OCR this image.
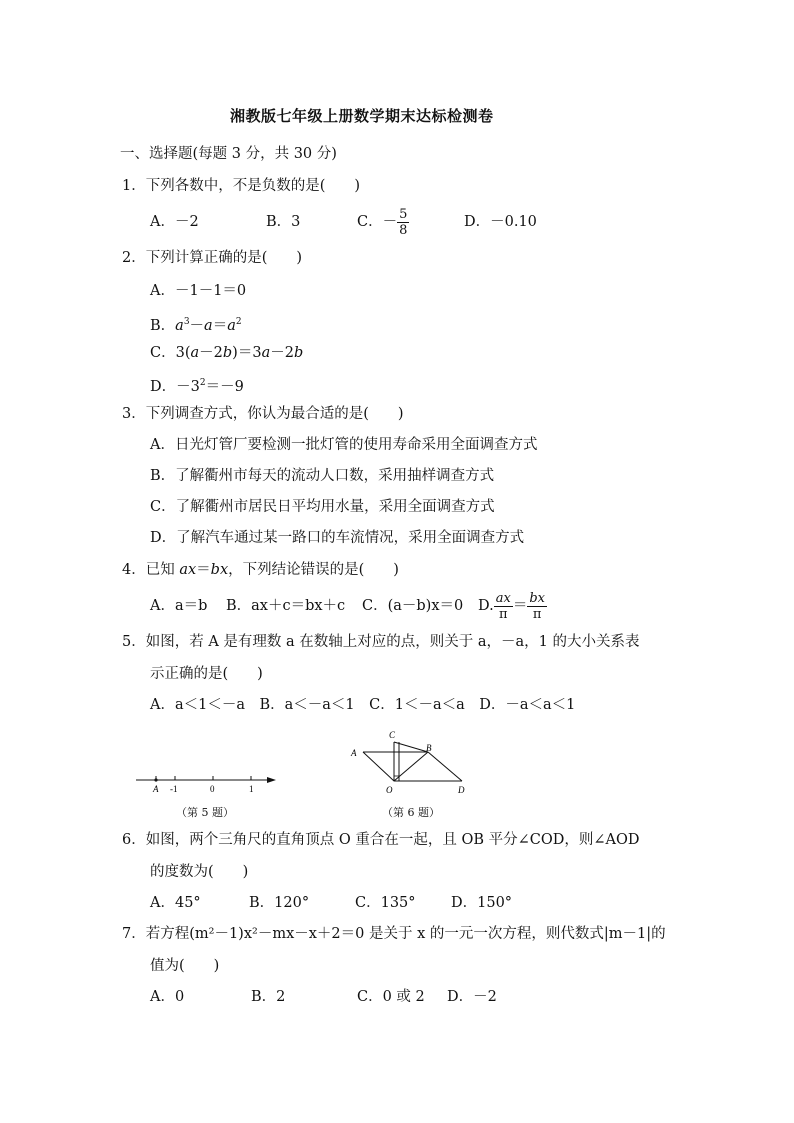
湘教版七年级上册数学期末达标检测卷
一、选择题(每题 3 分，共 30 分)
1．下列各数中，不是负数的是(　　)
A．－2	B．3	C．－ $\frac{5}{8}$	D．－0.10
2．下列计算正确的是(　　)
A．－1－1＝0
B．$a^3-a=a^2$
C．3(a－2b)＝3a－2b
D．$-3^2=-9$
3．下列调查方式，你认为最合适的是(　　)
A．日光灯管厂要检测一批灯管的使用寿命采用全面调查方式
B．了解衢州市每天的流动人口数，采用抽样调查方式
C．了解衢州市居民日平均用水量，采用全面调查方式
D．了解汽车通过某一路口的车流情况，采用全面调查方式
4．已知 ax＝bx，下列结论错误的是(　　)
A．a＝b B．ax＋c＝bx＋c C．(a－b)x＝0 D. $\frac{ax}{\pi} = \frac{bx}{\pi}$
5．如图，若 A 是有理数 a 在数轴上对应的点，则关于 a，－a，1 的大小关系表
示正确的是(　　)
A．a＜1＜－a　B．a＜－a＜1　C．1＜－a＜a　D．－a＜a＜1
A -1	0	1
（第 5 题）
C
A	B
O	D
（第 6 题）
6．如图，两个三角尺的直角顶点 O 重合在一起，且 OB 平分∠COD，则∠AOD
的度数为(　　)
A．45°	B．120°	C．135° D．150°
7．若方程(m²－1)x²－mx－x＋2＝0 是关于 x 的一元一次方程，则代数式|m－1|的
值为(　　)
A．0	B．2	C．0 或 2 D．－2
